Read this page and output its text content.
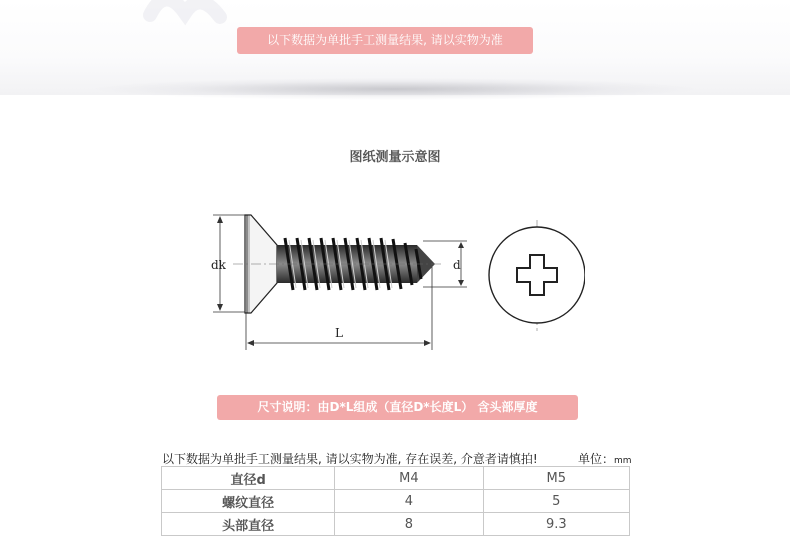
以下数据为单批手工测量结果, 请以实物为准
图纸测量示意图
dk	d
L
尺寸说明：由D*L组成（直径D*长度L） 含头部厚度
以下数据为单批手工测量结果, 请以实物为准, 存在误差, 介意者请慎拍!	单位：mm
直径d	M4	M5
螺纹直径	4	5
头部直径	8	9.3
